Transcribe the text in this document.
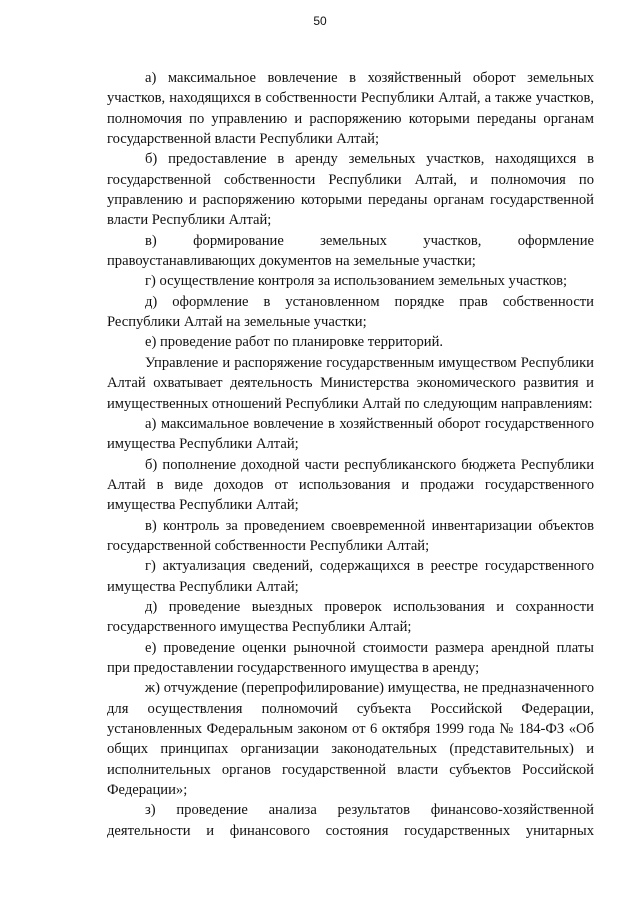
50

а) максимальное вовлечение в хозяйственный оборот земельных участков, находящихся в собственности Республики Алтай, а также участков, полномочия по управлению и распоряжению которыми переданы органам государственной власти Республики Алтай;

б) предоставление в аренду земельных участков, находящихся в государственной собственности Республики Алтай, и полномочия по управлению и распоряжению которыми переданы органам государственной власти Республики Алтай;

в) формирование земельных участков, оформление правоустанавливающих документов на земельные участки;

г) осуществление контроля за использованием земельных участков;

д) оформление в установленном порядке прав собственности Республики Алтай на земельные участки;

е) проведение работ по планировке территорий.

Управление и распоряжение государственным имуществом Республики Алтай охватывает деятельность Министерства экономического развития и имущественных отношений Республики Алтай по следующим направлениям:

а) максимальное вовлечение в хозяйственный оборот государственного имущества Республики Алтай;

б) пополнение доходной части республиканского бюджета Республики Алтай в виде доходов от использования и продажи государственного имущества Республики Алтай;

в) контроль за проведением своевременной инвентаризации объектов государственной собственности Республики Алтай;

г) актуализация сведений, содержащихся в реестре государственного имущества Республики Алтай;

д) проведение выездных проверок использования и сохранности государственного имущества Республики Алтай;

е) проведение оценки рыночной стоимости размера арендной платы при предоставлении государственного имущества в аренду;

ж) отчуждение (перепрофилирование) имущества, не предназначенного для осуществления полномочий субъекта Российской Федерации, установленных Федеральным законом от 6 октября 1999 года № 184-ФЗ «Об общих принципах организации законодательных (представительных) и исполнительных органов государственной власти субъектов Российской Федерации»;

з) проведение анализа результатов финансово-хозяйственной деятельности и финансового состояния государственных унитарных
